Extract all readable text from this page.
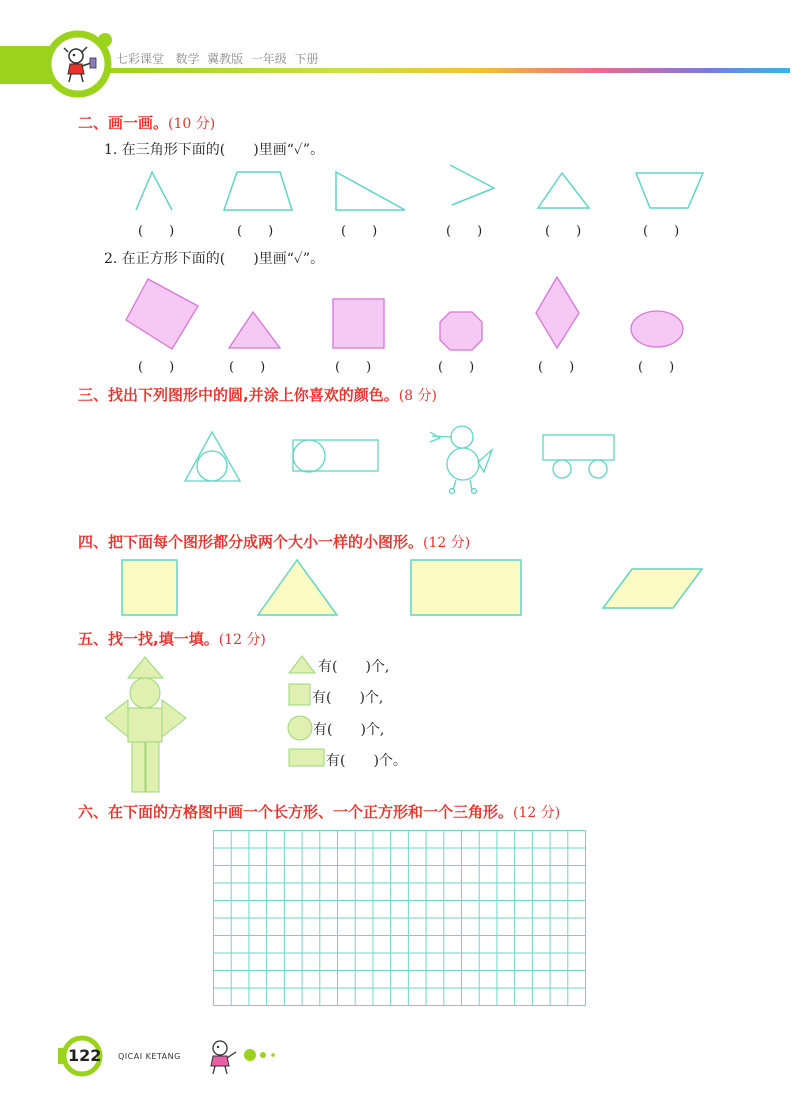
七彩课堂 数学 冀教版 一年级 下册
二、画一画。(10 分)
1. 在三角形下面的(　　)里画“✓”。
(　　)	(　　)	(　　)	(　　)	(　　)	(　　)
2. 在正方形下面的(　　)里画“✓”。
(　　)	(　　)	(　　)	(　　)	(　　)	(　　)
三、找出下列图形中的圆,并涂上你喜欢的颜色。(8 分)
四、把下面每个图形都分成两个大小一样的小图形。(12 分)
五、找一找,填一填。(12 分)
有(　　)个,
有(　　)个,
有(　　)个,
有(　　)个。
六、在下面的方格图中画一个长方形、一个正方形和一个三角形。(12 分)
122 QICAI KETANG
